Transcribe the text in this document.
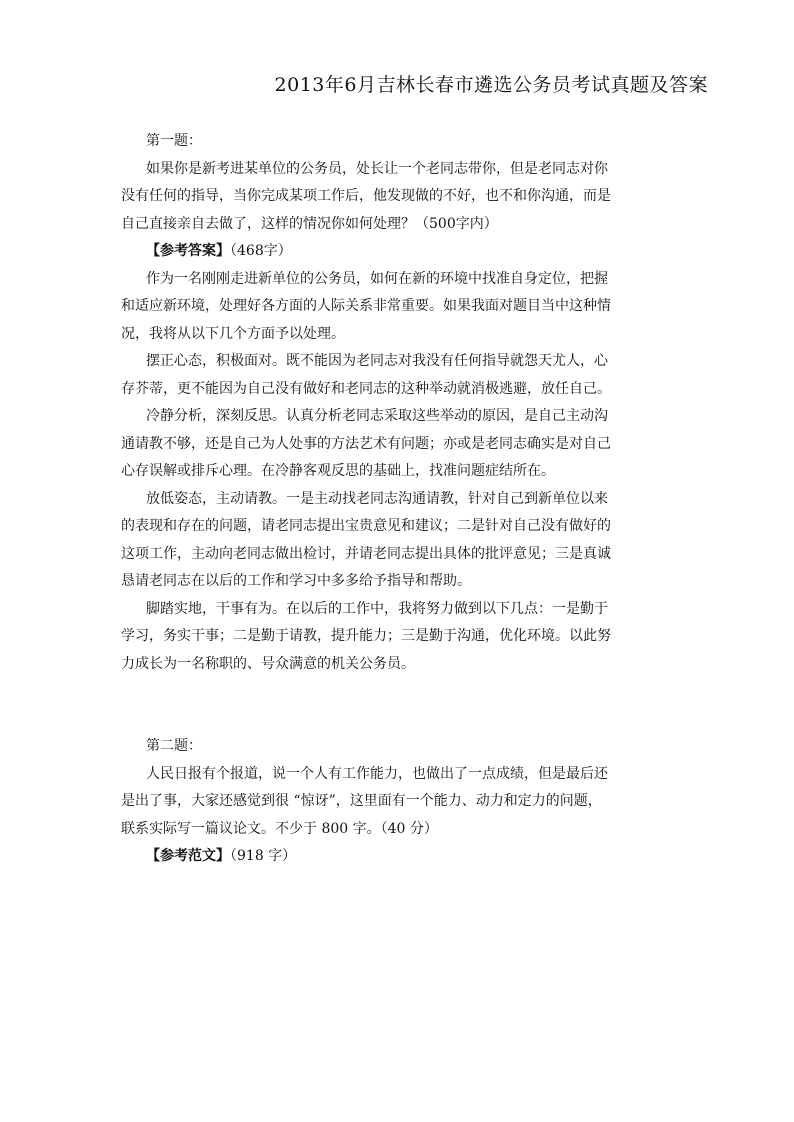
2013年6月吉林长春市遴选公务员考试真题及答案
第一题：
如果你是新考进某单位的公务员，处长让一个老同志带你，但是老同志对你
没有任何的指导，当你完成某项工作后，他发现做的不好，也不和你沟通，而是
自己直接亲自去做了，这样的情况你如何处理？（500字内）
【参考答案】（468字）
作为一名刚刚走进新单位的公务员，如何在新的环境中找准自身定位，把握
和适应新环境，处理好各方面的人际关系非常重要。如果我面对题目当中这种情
况，我将从以下几个方面予以处理。
摆正心态，积极面对。既不能因为老同志对我没有任何指导就怨天尤人，心
存芥蒂，更不能因为自己没有做好和老同志的这种举动就消极逃避，放任自己。
冷静分析，深刻反思。认真分析老同志采取这些举动的原因，是自己主动沟
通请教不够，还是自己为人处事的方法艺术有问题；亦或是老同志确实是对自己
心存误解或排斥心理。在冷静客观反思的基础上，找准问题症结所在。
放低姿态，主动请教。一是主动找老同志沟通请教，针对自己到新单位以来
的表现和存在的问题，请老同志提出宝贵意见和建议；二是针对自己没有做好的
这项工作，主动向老同志做出检讨，并请老同志提出具体的批评意见；三是真诚
恳请老同志在以后的工作和学习中多多给予指导和帮助。
脚踏实地，干事有为。在以后的工作中，我将努力做到以下几点：一是勤于
学习，务实干事；二是勤于请教，提升能力；三是勤于沟通，优化环境。以此努
力成长为一名称职的、号众满意的机关公务员。
第二题：
人民日报有个报道，说一个人有工作能力，也做出了一点成绩，但是最后还
是出了事，大家还感觉到很 “惊讶”，这里面有一个能力、动力和定力的问题，
联系实际写一篇议论文。不少于 800 字。（40 分）
【参考范文】（918 字）
